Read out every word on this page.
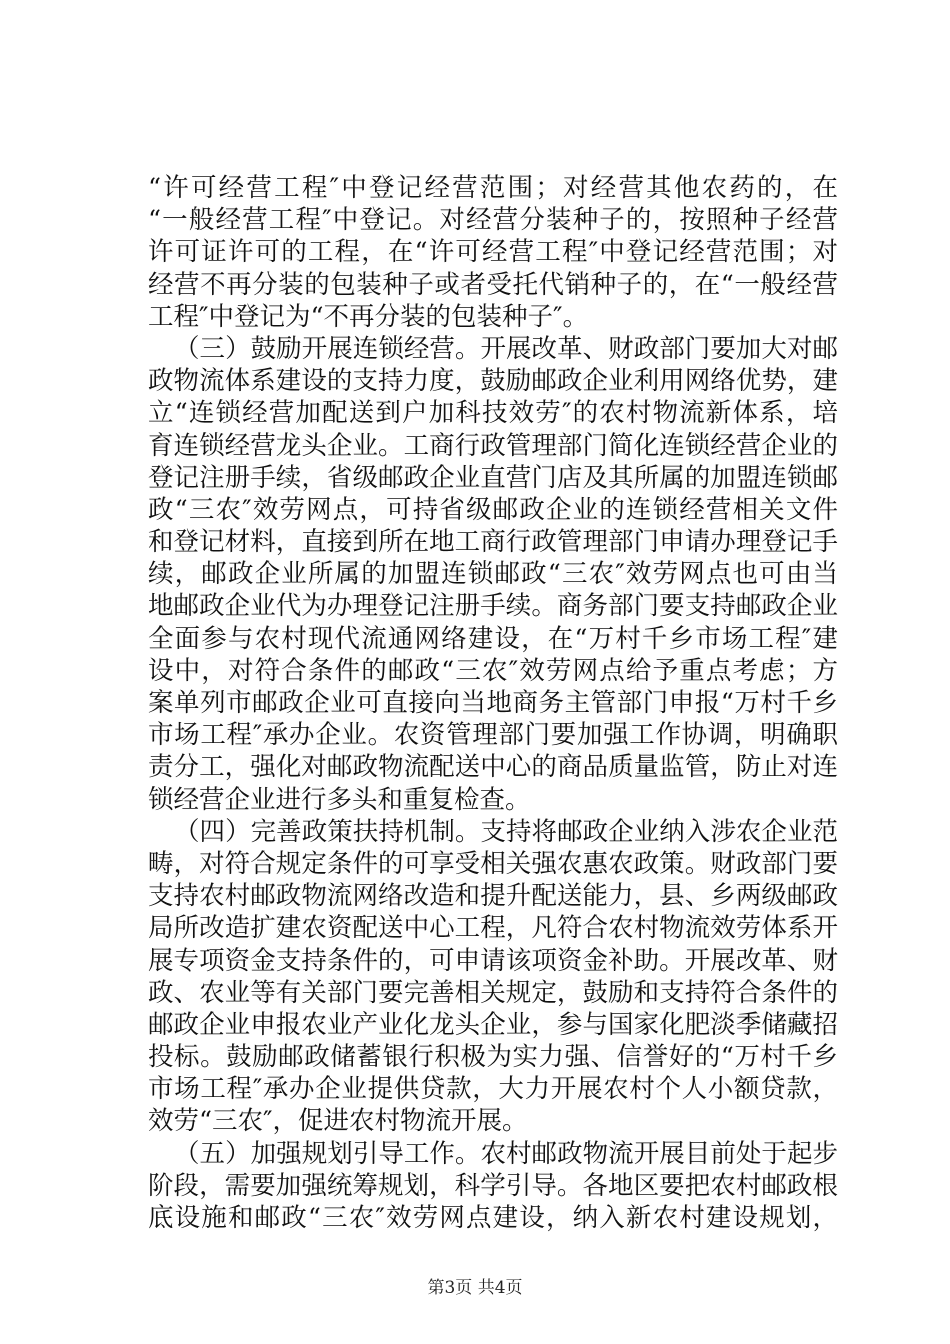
“许可经营工程″中登记经营范围；对经营其他农药的，在
“一般经营工程″中登记。对经营分装种子的，按照种子经营
许可证许可的工程，在“许可经营工程″中登记经营范围；对
经营不再分装的包装种子或者受托代销种子的，在“一般经营
工程″中登记为“不再分装的包装种子″。
（三）鼓励开展连锁经营。开展改革、财政部门要加大对邮
政物流体系建设的支持力度，鼓励邮政企业利用网络优势，建
立“连锁经营加配送到户加科技效劳″的农村物流新体系，培
育连锁经营龙头企业。工商行政管理部门简化连锁经营企业的
登记注册手续，省级邮政企业直营门店及其所属的加盟连锁邮
政“三农″效劳网点，可持省级邮政企业的连锁经营相关文件
和登记材料，直接到所在地工商行政管理部门申请办理登记手
续，邮政企业所属的加盟连锁邮政“三农″效劳网点也可由当
地邮政企业代为办理登记注册手续。商务部门要支持邮政企业
全面参与农村现代流通网络建设，在“万村千乡市场工程″建
设中，对符合条件的邮政“三农″效劳网点给予重点考虑；方
案单列市邮政企业可直接向当地商务主管部门申报“万村千乡
市场工程″承办企业。农资管理部门要加强工作协调，明确职
责分工，强化对邮政物流配送中心的商品质量监管，防止对连
锁经营企业进行多头和重复检查。
（四）完善政策扶持机制。支持将邮政企业纳入涉农企业范
畴，对符合规定条件的可享受相关强农惠农政策。财政部门要
支持农村邮政物流网络改造和提升配送能力，县、乡两级邮政
局所改造扩建农资配送中心工程，凡符合农村物流效劳体系开
展专项资金支持条件的，可申请该项资金补助。开展改革、财
政、农业等有关部门要完善相关规定，鼓励和支持符合条件的
邮政企业申报农业产业化龙头企业，参与国家化肥淡季储藏招
投标。鼓励邮政储蓄银行积极为实力强、信誉好的“万村千乡
市场工程″承办企业提供贷款，大力开展农村个人小额贷款，
效劳“三农″，促进农村物流开展。
（五）加强规划引导工作。农村邮政物流开展目前处于起步
阶段，需要加强统筹规划，科学引导。各地区要把农村邮政根
底设施和邮政“三农″效劳网点建设，纳入新农村建设规划，
第3页 共4页
